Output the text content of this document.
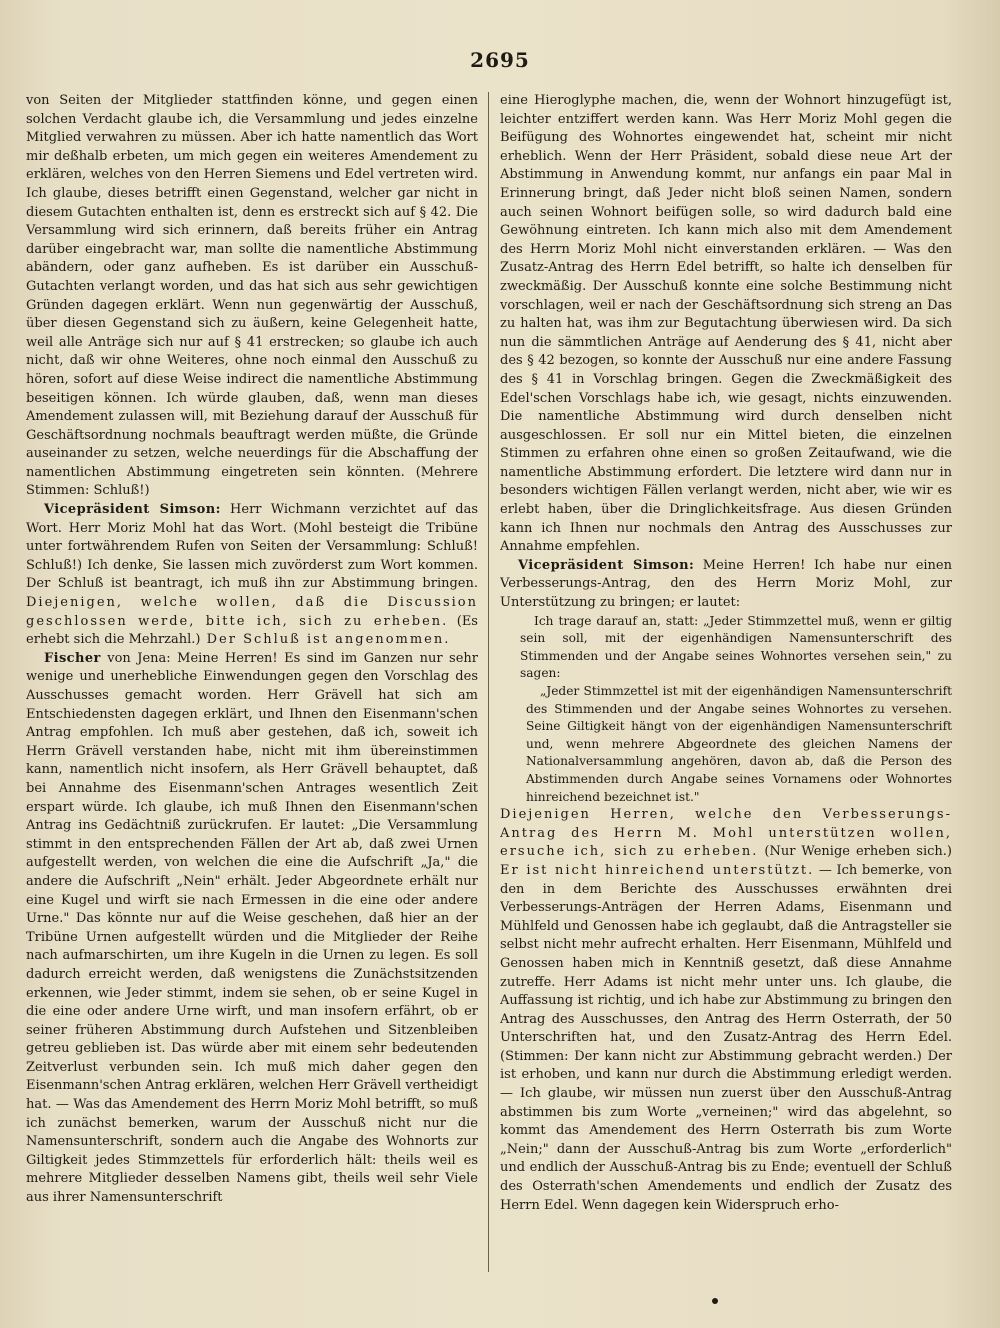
2695

von Seiten der Mitglieder stattfinden könne, und gegen einen solchen Verdacht glaube ich, die Versammlung und jedes einzelne Mitglied verwahren zu müssen. Aber ich hatte namentlich das Wort mir deßhalb erbeten, um mich gegen ein weiteres Amendement zu erklären, welches von den Herren Siemens und Edel vertreten wird. Ich glaube, dieses betrifft einen Gegenstand, welcher gar nicht in diesem Gutachten enthalten ist, denn es erstreckt sich auf § 42. Die Versammlung wird sich erinnern, daß bereits früher ein Antrag darüber eingebracht war, man sollte die namentliche Abstimmung abändern, oder ganz aufheben. Es ist darüber ein Ausschuß-Gutachten verlangt worden, und das hat sich aus sehr gewichtigen Gründen dagegen erklärt. Wenn nun gegenwärtig der Ausschuß, über diesen Gegenstand sich zu äußern, keine Gelegenheit hatte, weil alle Anträge sich nur auf § 41 erstrecken; so glaube ich auch nicht, daß wir ohne Weiteres, ohne noch einmal den Ausschuß zu hören, sofort auf diese Weise indirect die namentliche Abstimmung beseitigen können. Ich würde glauben, daß, wenn man dieses Amendement zulassen will, mit Beziehung darauf der Ausschuß für Geschäftsordnung nochmals beauftragt werden müßte, die Gründe auseinander zu setzen, welche neuerdings für die Abschaffung der namentlichen Abstimmung eingetreten sein könnten. (Mehrere Stimmen: Schluß!)

Vicepräsident Simson: Herr Wichmann verzichtet auf das Wort. Herr Moriz Mohl hat das Wort. (Mohl besteigt die Tribüne unter fortwährendem Rufen von Seiten der Versammlung: Schluß! Schluß!) Ich denke, Sie lassen mich zuvörderst zum Wort kommen. Der Schluß ist beantragt, ich muß ihn zur Abstimmung bringen. Diejenigen, welche wollen, daß die Discussion geschlossen werde, bitte ich, sich zu erheben. (Es erhebt sich die Mehrzahl.) Der Schluß ist angenommen.

Fischer von Jena: Meine Herren! Es sind im Ganzen nur sehr wenige und unerhebliche Einwendungen gegen den Vorschlag des Ausschusses gemacht worden. Herr Grävell hat sich am Entschiedensten dagegen erklärt, und Ihnen den Eisenmann'schen Antrag empfohlen. Ich muß aber gestehen, daß ich, soweit ich Herrn Grävell verstanden habe, nicht mit ihm übereinstimmen kann, namentlich nicht insofern, als Herr Grävell behauptet, daß bei Annahme des Eisenmann'schen Antrages wesentlich Zeit erspart würde. Ich glaube, ich muß Ihnen den Eisenmann'schen Antrag ins Gedächtniß zurückrufen. Er lautet: „Die Versammlung stimmt in den entsprechenden Fällen der Art ab, daß zwei Urnen aufgestellt werden, von welchen die eine die Aufschrift „Ja," die andere die Aufschrift „Nein" erhält. Jeder Abgeordnete erhält nur eine Kugel und wirft sie nach Ermessen in die eine oder andere Urne." Das könnte nur auf die Weise geschehen, daß hier an der Tribüne Urnen aufgestellt würden und die Mitglieder der Reihe nach aufmarschirten, um ihre Kugeln in die Urnen zu legen. Es soll dadurch erreicht werden, daß wenigstens die Zunächstsitzenden erkennen, wie Jeder stimmt, indem sie sehen, ob er seine Kugel in die eine oder andere Urne wirft, und man insofern erfährt, ob er seiner früheren Abstimmung durch Aufstehen und Sitzenbleiben getreu geblieben ist. Das würde aber mit einem sehr bedeutenden Zeitverlust verbunden sein. Ich muß mich daher gegen den Eisenmann'schen Antrag erklären, welchen Herr Grävell vertheidigt hat. — Was das Amendement des Herrn Moriz Mohl betrifft, so muß ich zunächst bemerken, warum der Ausschuß nicht nur die Namensunterschrift, sondern auch die Angabe des Wohnorts zur Giltigkeit jedes Stimmzettels für erforderlich hält: theils weil es mehrere Mitglieder desselben Namens gibt, theils weil sehr Viele aus ihrer Namensunterschrift

eine Hieroglyphe machen, die, wenn der Wohnort hinzugefügt ist, leichter entziffert werden kann. Was Herr Moriz Mohl gegen die Beifügung des Wohnortes eingewendet hat, scheint mir nicht erheblich. Wenn der Herr Präsident, sobald diese neue Art der Abstimmung in Anwendung kommt, nur anfangs ein paar Mal in Erinnerung bringt, daß Jeder nicht bloß seinen Namen, sondern auch seinen Wohnort beifügen solle, so wird dadurch bald eine Gewöhnung eintreten. Ich kann mich also mit dem Amendement des Herrn Moriz Mohl nicht einverstanden erklären. — Was den Zusatz-Antrag des Herrn Edel betrifft, so halte ich denselben für zweckmäßig. Der Ausschuß konnte eine solche Bestimmung nicht vorschlagen, weil er nach der Geschäftsordnung sich streng an Das zu halten hat, was ihm zur Begutachtung überwiesen wird. Da sich nun die sämmtlichen Anträge auf Aenderung des § 41, nicht aber des § 42 bezogen, so konnte der Ausschuß nur eine andere Fassung des § 41 in Vorschlag bringen. Gegen die Zweckmäßigkeit des Edel'schen Vorschlags habe ich, wie gesagt, nichts einzuwenden. Die namentliche Abstimmung wird durch denselben nicht ausgeschlossen. Er soll nur ein Mittel bieten, die einzelnen Stimmen zu erfahren ohne einen so großen Zeitaufwand, wie die namentliche Abstimmung erfordert. Die letztere wird dann nur in besonders wichtigen Fällen verlangt werden, nicht aber, wie wir es erlebt haben, über die Dringlichkeitsfrage. Aus diesen Gründen kann ich Ihnen nur nochmals den Antrag des Ausschusses zur Annahme empfehlen.

Vicepräsident Simson: Meine Herren! Ich habe nur einen Verbesserungs-Antrag, den des Herrn Moriz Mohl, zur Unterstützung zu bringen; er lautet:

Ich trage darauf an, statt: „Jeder Stimmzettel muß, wenn er giltig sein soll, mit der eigenhändigen Namensunterschrift des Stimmenden und der Angabe seines Wohnortes versehen sein," zu sagen:

„Jeder Stimmzettel ist mit der eigenhändigen Namensunterschrift des Stimmenden und der Angabe seines Wohnortes zu versehen. Seine Giltigkeit hängt von der eigenhändigen Namensunterschrift und, wenn mehrere Abgeordnete des gleichen Namens der Nationalversammlung angehören, davon ab, daß die Person des Abstimmenden durch Angabe seines Vornamens oder Wohnortes hinreichend bezeichnet ist."

Diejenigen Herren, welche den Verbesserungs-Antrag des Herrn M. Mohl unterstützen wollen, ersuche ich, sich zu erheben. (Nur Wenige erheben sich.) Er ist nicht hinreichend unterstützt. — Ich bemerke, von den in dem Berichte des Ausschusses erwähnten drei Verbesserungs-Anträgen der Herren Adams, Eisenmann und Mühlfeld und Genossen habe ich geglaubt, daß die Antragsteller sie selbst nicht mehr aufrecht erhalten. Herr Eisenmann, Mühlfeld und Genossen haben mich in Kenntniß gesetzt, daß diese Annahme zutreffe. Herr Adams ist nicht mehr unter uns. Ich glaube, die Auffassung ist richtig, und ich habe zur Abstimmung zu bringen den Antrag des Ausschusses, den Antrag des Herrn Osterrath, der 50 Unterschriften hat, und den Zusatz-Antrag des Herrn Edel. (Stimmen: Der kann nicht zur Abstimmung gebracht werden.) Der ist erhoben, und kann nur durch die Abstimmung erledigt werden. — Ich glaube, wir müssen nun zuerst über den Ausschuß-Antrag abstimmen bis zum Worte „verneinen;" wird das abgelehnt, so kommt das Amendement des Herrn Osterrath bis zum Worte „Nein;" dann der Ausschuß-Antrag bis zum Worte „erforderlich" und endlich der Ausschuß-Antrag bis zu Ende; eventuell der Schluß des Osterrath'schen Amendements und endlich der Zusatz des Herrn Edel. Wenn dagegen kein Widerspruch erho-
